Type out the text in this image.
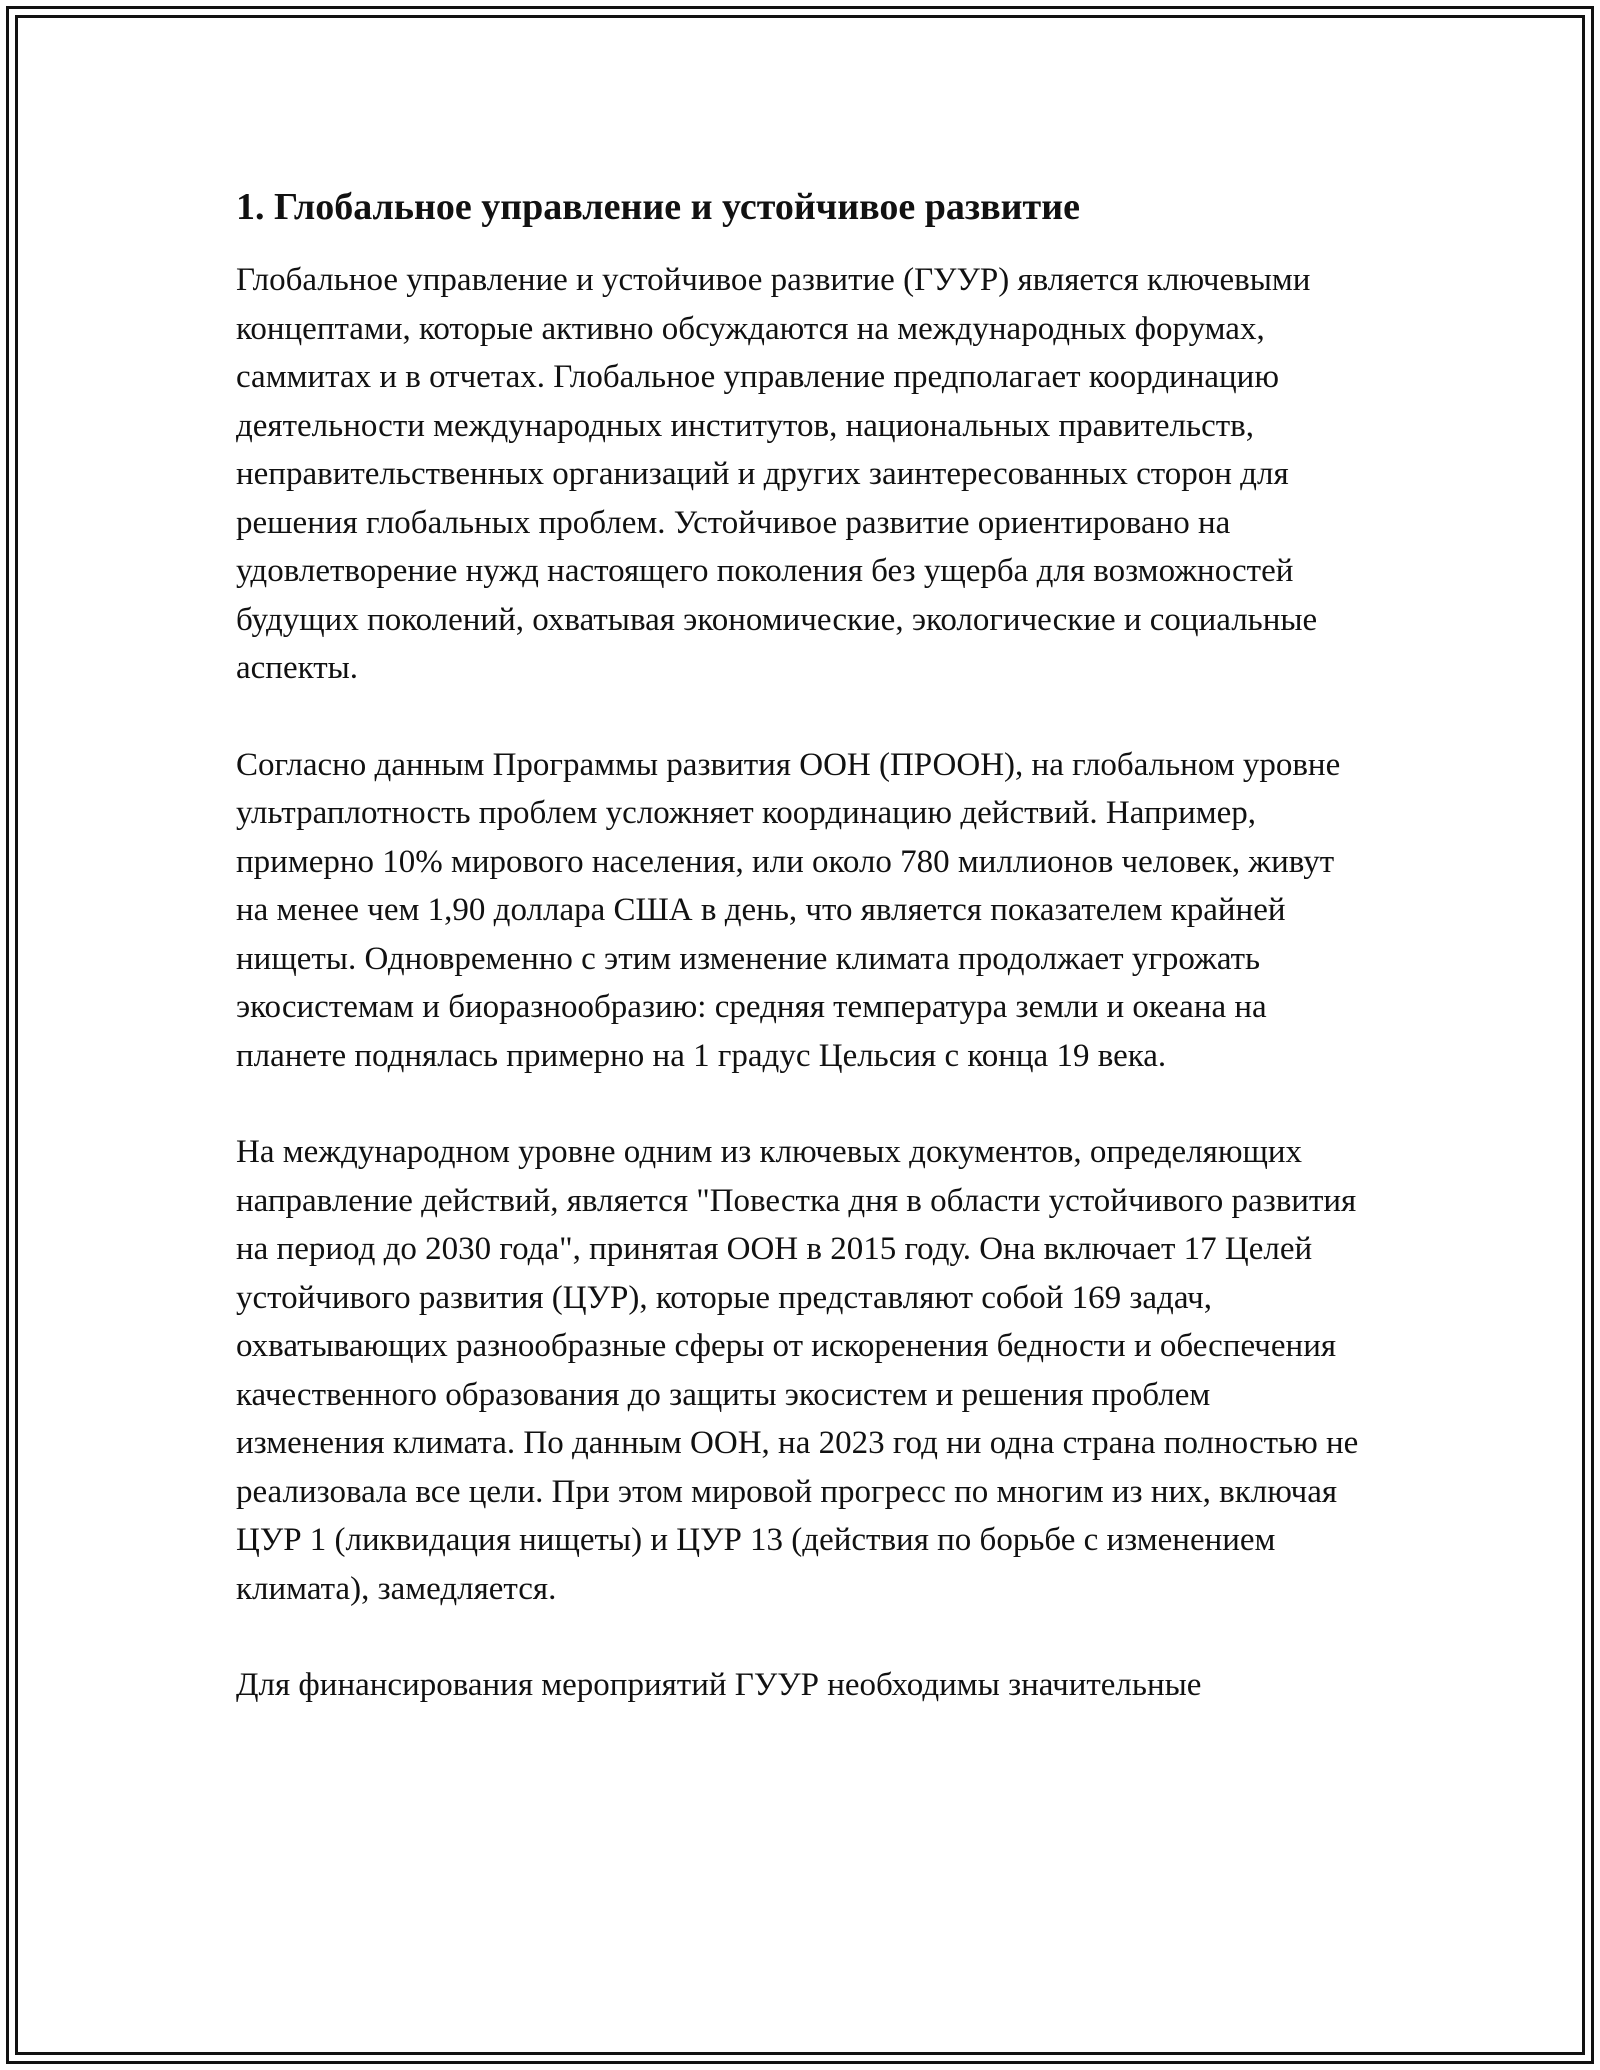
1. Глобальное управление и устойчивое развитие

Глобальное управление и устойчивое развитие (ГУУР) является ключевыми концептами, которые активно обсуждаются на международных форумах, саммитах и в отчетах. Глобальное управление предполагает координацию деятельности международных институтов, национальных правительств, неправительственных организаций и других заинтересованных сторон для решения глобальных проблем. Устойчивое развитие ориентировано на удовлетворение нужд настоящего поколения без ущерба для возможностей будущих поколений, охватывая экономические, экологические и социальные аспекты.

Согласно данным Программы развития ООН (ПРООН), на глобальном уровне ультраплотность проблем усложняет координацию действий. Например, примерно 10% мирового населения, или около 780 миллионов человек, живут на менее чем 1,90 доллара США в день, что является показателем крайней нищеты. Одновременно с этим изменение климата продолжает угрожать экосистемам и биоразнообразию: средняя температура земли и океана на планете поднялась примерно на 1 градус Цельсия с конца 19 века.

На международном уровне одним из ключевых документов, определяющих направление действий, является "Повестка дня в области устойчивого развития на период до 2030 года", принятая ООН в 2015 году. Она включает 17 Целей устойчивого развития (ЦУР), которые представляют собой 169 задач, охватывающих разнообразные сферы от искоренения бедности и обеспечения качественного образования до защиты экосистем и решения проблем изменения климата. По данным ООН, на 2023 год ни одна страна полностью не реализовала все цели. При этом мировой прогресс по многим из них, включая ЦУР 1 (ликвидация нищеты) и ЦУР 13 (действия по борьбе с изменением климата), замедляется.

Для финансирования мероприятий ГУУР необходимы значительные
